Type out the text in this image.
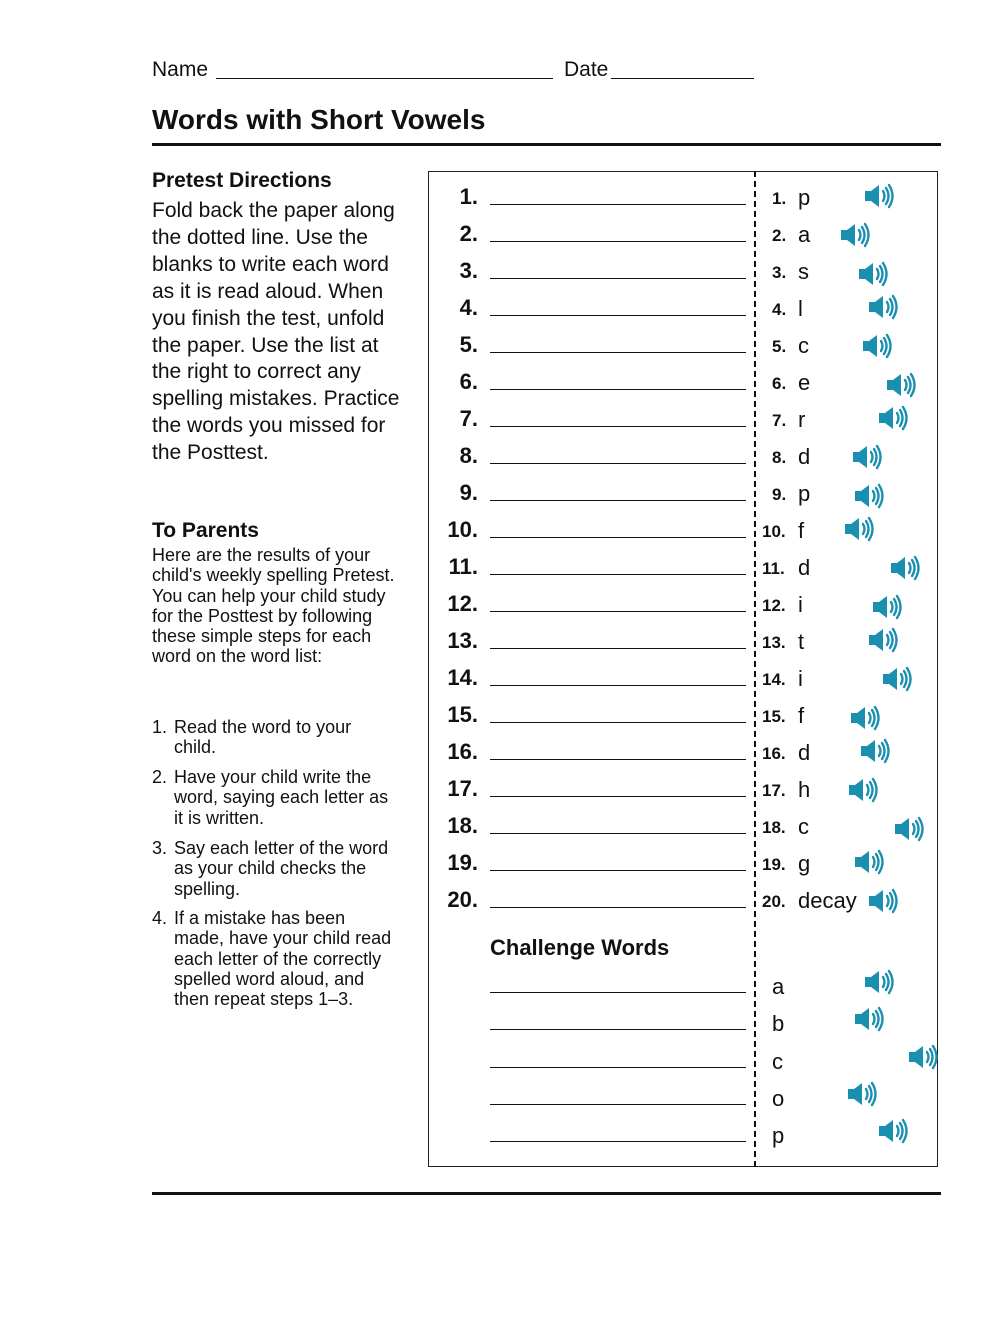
Name	Date
Words with Short Vowels
Pretest Directions
Fold back the paper along the dotted line. Use the blanks to write each word as it is read aloud. When you finish the test, unfold the paper. Use the list at the right to correct any spelling mistakes. Practice the words you missed for the Posttest.
To Parents
Here are the results of your child's weekly spelling Pretest. You can help your child study for the Posttest by following these simple steps for each word on the word list:
1. Read the word to your child.
2. Have your child write the word, saying each letter as it is written.
3. Say each letter of the word as your child checks the spelling.
4. If a mistake has been made, have your child read each letter of the correctly spelled word aloud, and then repeat steps 1–3.
1.	1. p
2.	2. a
3.	3. s
4.	4. l
5.	5. c
6.	6. e
7.	7. r
8.	8. d
9.	9. p
10.	10. f
11.	11. d
12.	12. i
13.	13. t
14.	14. i
15.	15. f
16.	16. d
17.	17. h
18.	18. c
19.	19. g
20.	20. decay
Challenge Words
a
b
c
o
p
